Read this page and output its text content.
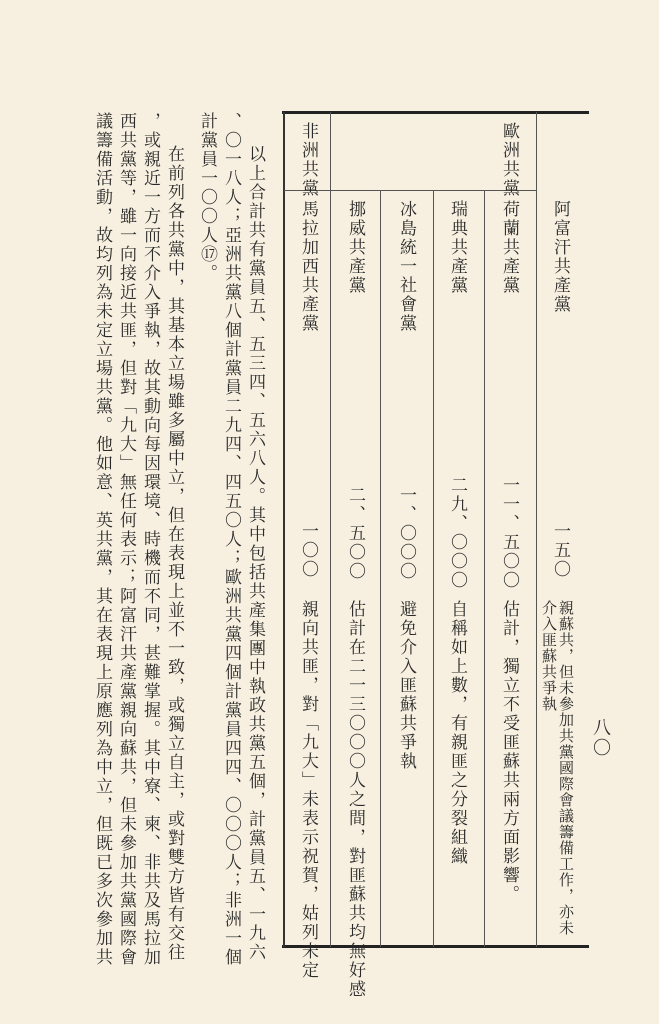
八〇
阿富汗共產黨
一五〇
親蘇共，但未參加共黨國際會議籌備工作，亦未
介入匪蘇共爭執
歐洲共黨
荷蘭共產黨
一一、五〇〇
估計，獨立不受匪蘇共兩方面影響。
瑞典共產黨
二九、〇〇〇
自稱如上數，有親匪之分裂組織
冰島統一社會黨
一、〇〇〇
避免介入匪蘇共爭執
挪威共產黨
二、五〇〇
估計在二一三〇〇〇人之間，對匪蘇共均無好感
非洲共黨
馬拉加西共產黨
一〇〇
親向共匪，對「九大」未表示祝賀，姑列未定
以上合計共有黨員五、五三四、五六八人。其中包括共產集團中執政共黨五個，計黨員五、一九六
、〇一八人；亞洲共黨八個計黨員二九四、四五〇人；歐洲共黨四個計黨員四四、〇〇〇人；非洲一個
計黨員一〇〇人⑰。
在前列各共黨中，其基本立場雖多屬中立，但在表現上並不一致，或獨立自主，或對雙方皆有交往
，或親近一方而不介入爭執，故其動向每因環境、時機而不同，甚難掌握。其中寮、柬、非共及馬拉加
西共黨等，雖一向接近共匪，但對「九大」無任何表示；阿富汗共產黨親向蘇共，但未參加共黨國際會
議籌備活動，故均列為未定立場共黨。他如意、英共黨，其在表現上原應列為中立，但既已多次參加共
